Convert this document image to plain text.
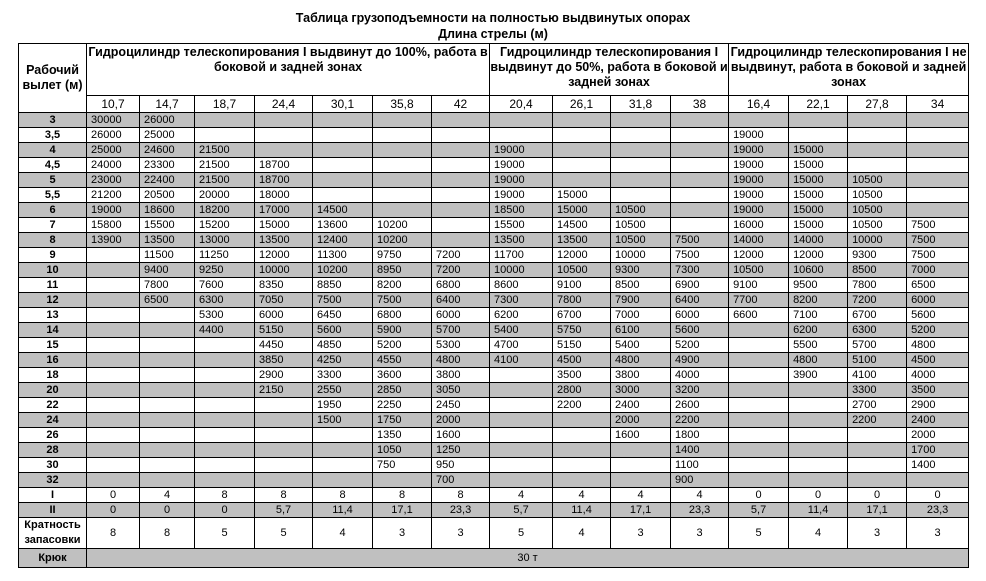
Таблица грузоподъемности на полностью выдвинутых опорах
Длина стрелы (м)
Рабочий вылет (м)	Гидроцилиндр телескопирования I выдвинут до 100%, работа в боковой и задней зонах							Гидроцилиндр телескопирования I выдвинут до 50%, работа в боковой и задней зонах				Гидроцилиндр телескопирования I не выдвинут, работа в боковой и задней зонах			
	10,7	14,7	18,7	24,4	30,1	35,8	42	20,4	26,1	31,8	38	16,4	22,1	27,8	34
3	30000	26000													
3,5	26000	25000										19000			
4	25000	24600	21500					19000				19000	15000		
4,5	24000	23300	21500	18700				19000				19000	15000		
5	23000	22400	21500	18700				19000				19000	15000	10500	
5,5	21200	20500	20000	18000				19000	15000			19000	15000	10500	
6	19000	18600	18200	17000	14500			18500	15000	10500		19000	15000	10500	
7	15800	15500	15200	15000	13600	10200		15500	14500	10500		16000	15000	10500	7500
8	13900	13500	13000	13500	12400	10200		13500	13500	10500	7500	14000	14000	10000	7500
9		11500	11250	12000	11300	9750	7200	11700	12000	10000	7500	12000	12000	9300	7500
10		9400	9250	10000	10200	8950	7200	10000	10500	9300	7300	10500	10600	8500	7000
11		7800	7600	8350	8850	8200	6800	8600	9100	8500	6900	9100	9500	7800	6500
12		6500	6300	7050	7500	7500	6400	7300	7800	7900	6400	7700	8200	7200	6000
13			5300	6000	6450	6800	6000	6200	6700	7000	6000	6600	7100	6700	5600
14			4400	5150	5600	5900	5700	5400	5750	6100	5600		6200	6300	5200
15				4450	4850	5200	5300	4700	5150	5400	5200		5500	5700	4800
16				3850	4250	4550	4800	4100	4500	4800	4900		4800	5100	4500
18				2900	3300	3600	3800		3500	3800	4000		3900	4100	4000
20				2150	2550	2850	3050		2800	3000	3200			3300	3500
22					1950	2250	2450		2200	2400	2600			2700	2900
24					1500	1750	2000			2000	2200			2200	2400
26						1350	1600			1600	1800				2000
28						1050	1250				1400				1700
30						750	950				1100				1400
32							700				900				
I	0	4	8	8	8	8	8	4	4	4	4	0	0	0	0
II	0	0	0	5,7	11,4	17,1	23,3	5,7	11,4	17,1	23,3	5,7	11,4	17,1	23,3
Кратность запасовки	8	8	5	5	4	3	3	5	4	3	3	5	4	3	3
Крюк	30 т														
